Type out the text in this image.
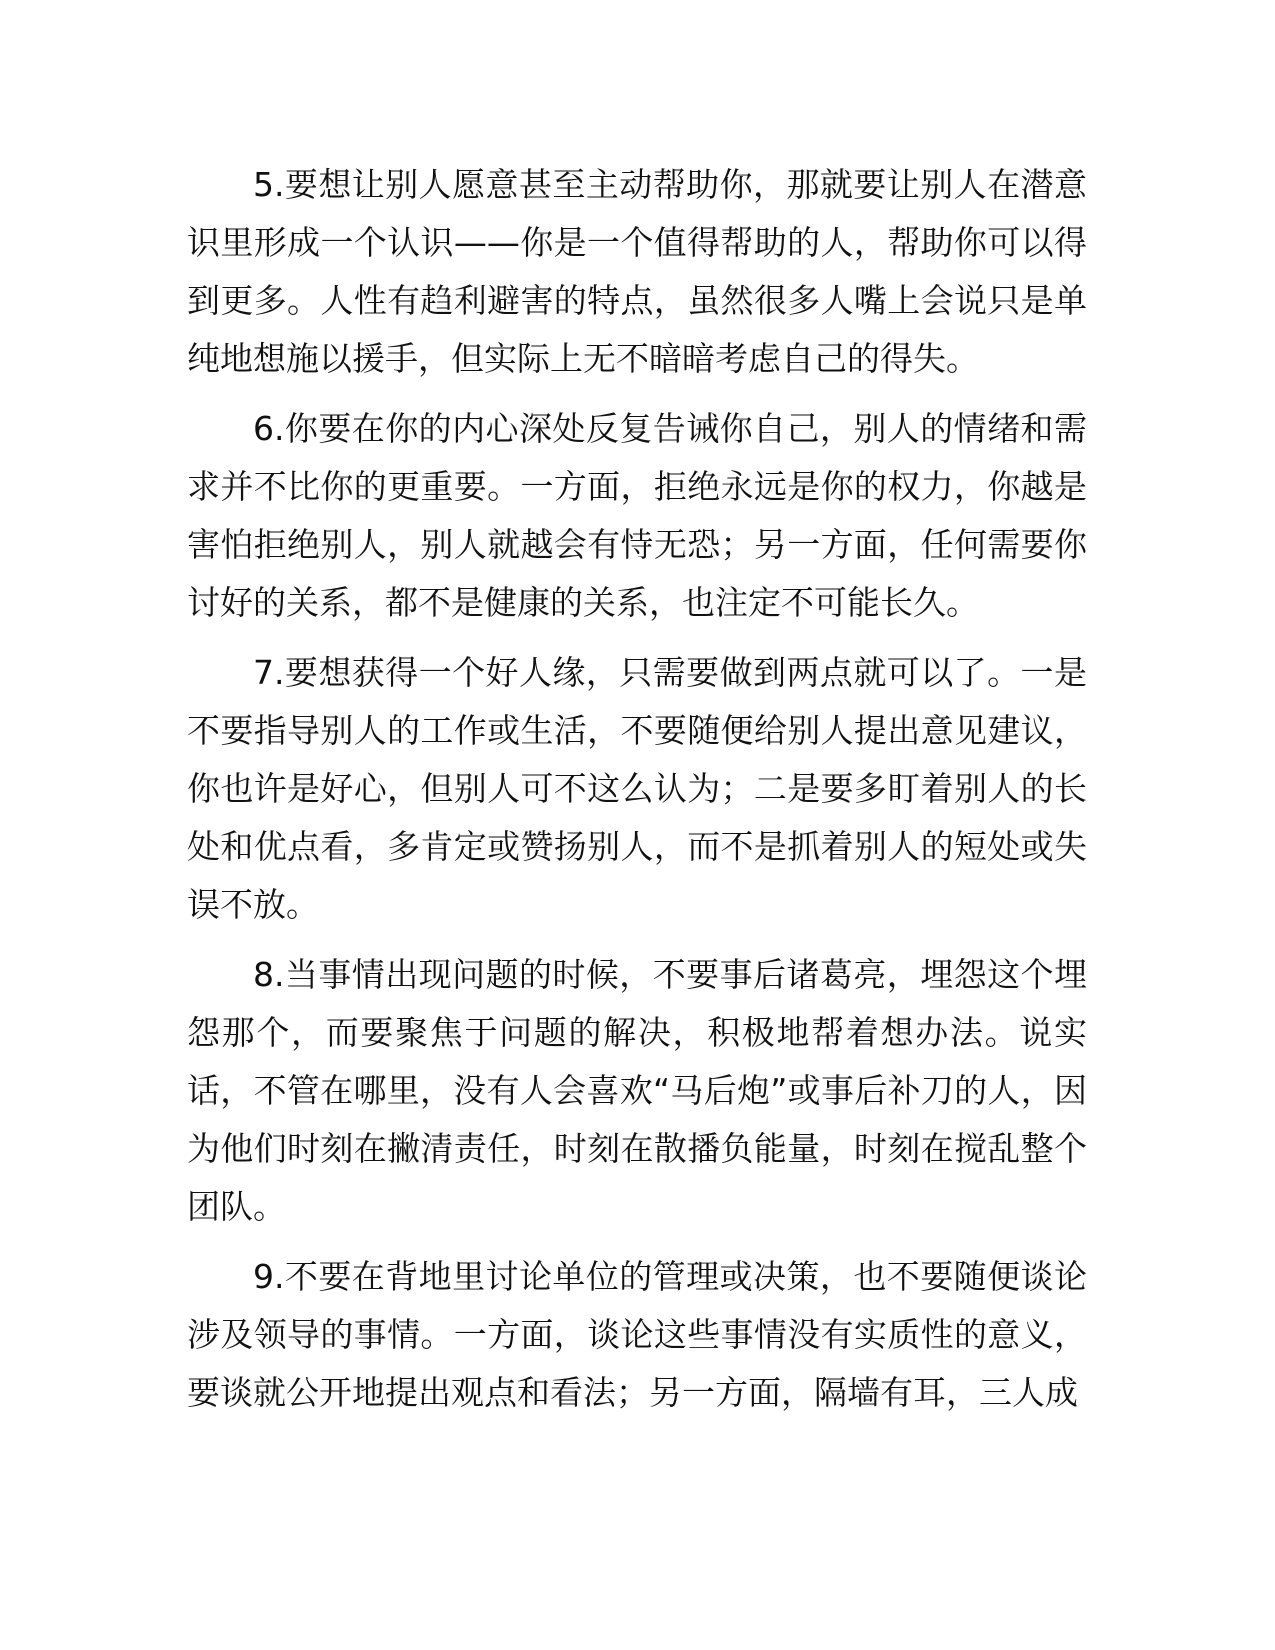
5.要想让别人愿意甚至主动帮助你，那就要让别人在潜意识里形成一个认识——你是一个值得帮助的人，帮助你可以得到更多。人性有趋利避害的特点，虽然很多人嘴上会说只是单纯地想施以援手，但实际上无不暗暗考虑自己的得失。

6.你要在你的内心深处反复告诫你自己，别人的情绪和需求并不比你的更重要。一方面，拒绝永远是你的权力，你越是害怕拒绝别人，别人就越会有恃无恐；另一方面，任何需要你讨好的关系，都不是健康的关系，也注定不可能长久。

7.要想获得一个好人缘，只需要做到两点就可以了。一是不要指导别人的工作或生活，不要随便给别人提出意见建议，你也许是好心，但别人可不这么认为；二是要多盯着别人的长处和优点看，多肯定或赞扬别人，而不是抓着别人的短处或失误不放。

8.当事情出现问题的时候，不要事后诸葛亮，埋怨这个埋怨那个，而要聚焦于问题的解决，积极地帮着想办法。说实话，不管在哪里，没有人会喜欢“马后炮”或事后补刀的人，因为他们时刻在撇清责任，时刻在散播负能量，时刻在搅乱整个团队。

9.不要在背地里讨论单位的管理或决策，也不要随便谈论涉及领导的事情。一方面，谈论这些事情没有实质性的意义，要谈就公开地提出观点和看法；另一方面，隔墙有耳，三人成
